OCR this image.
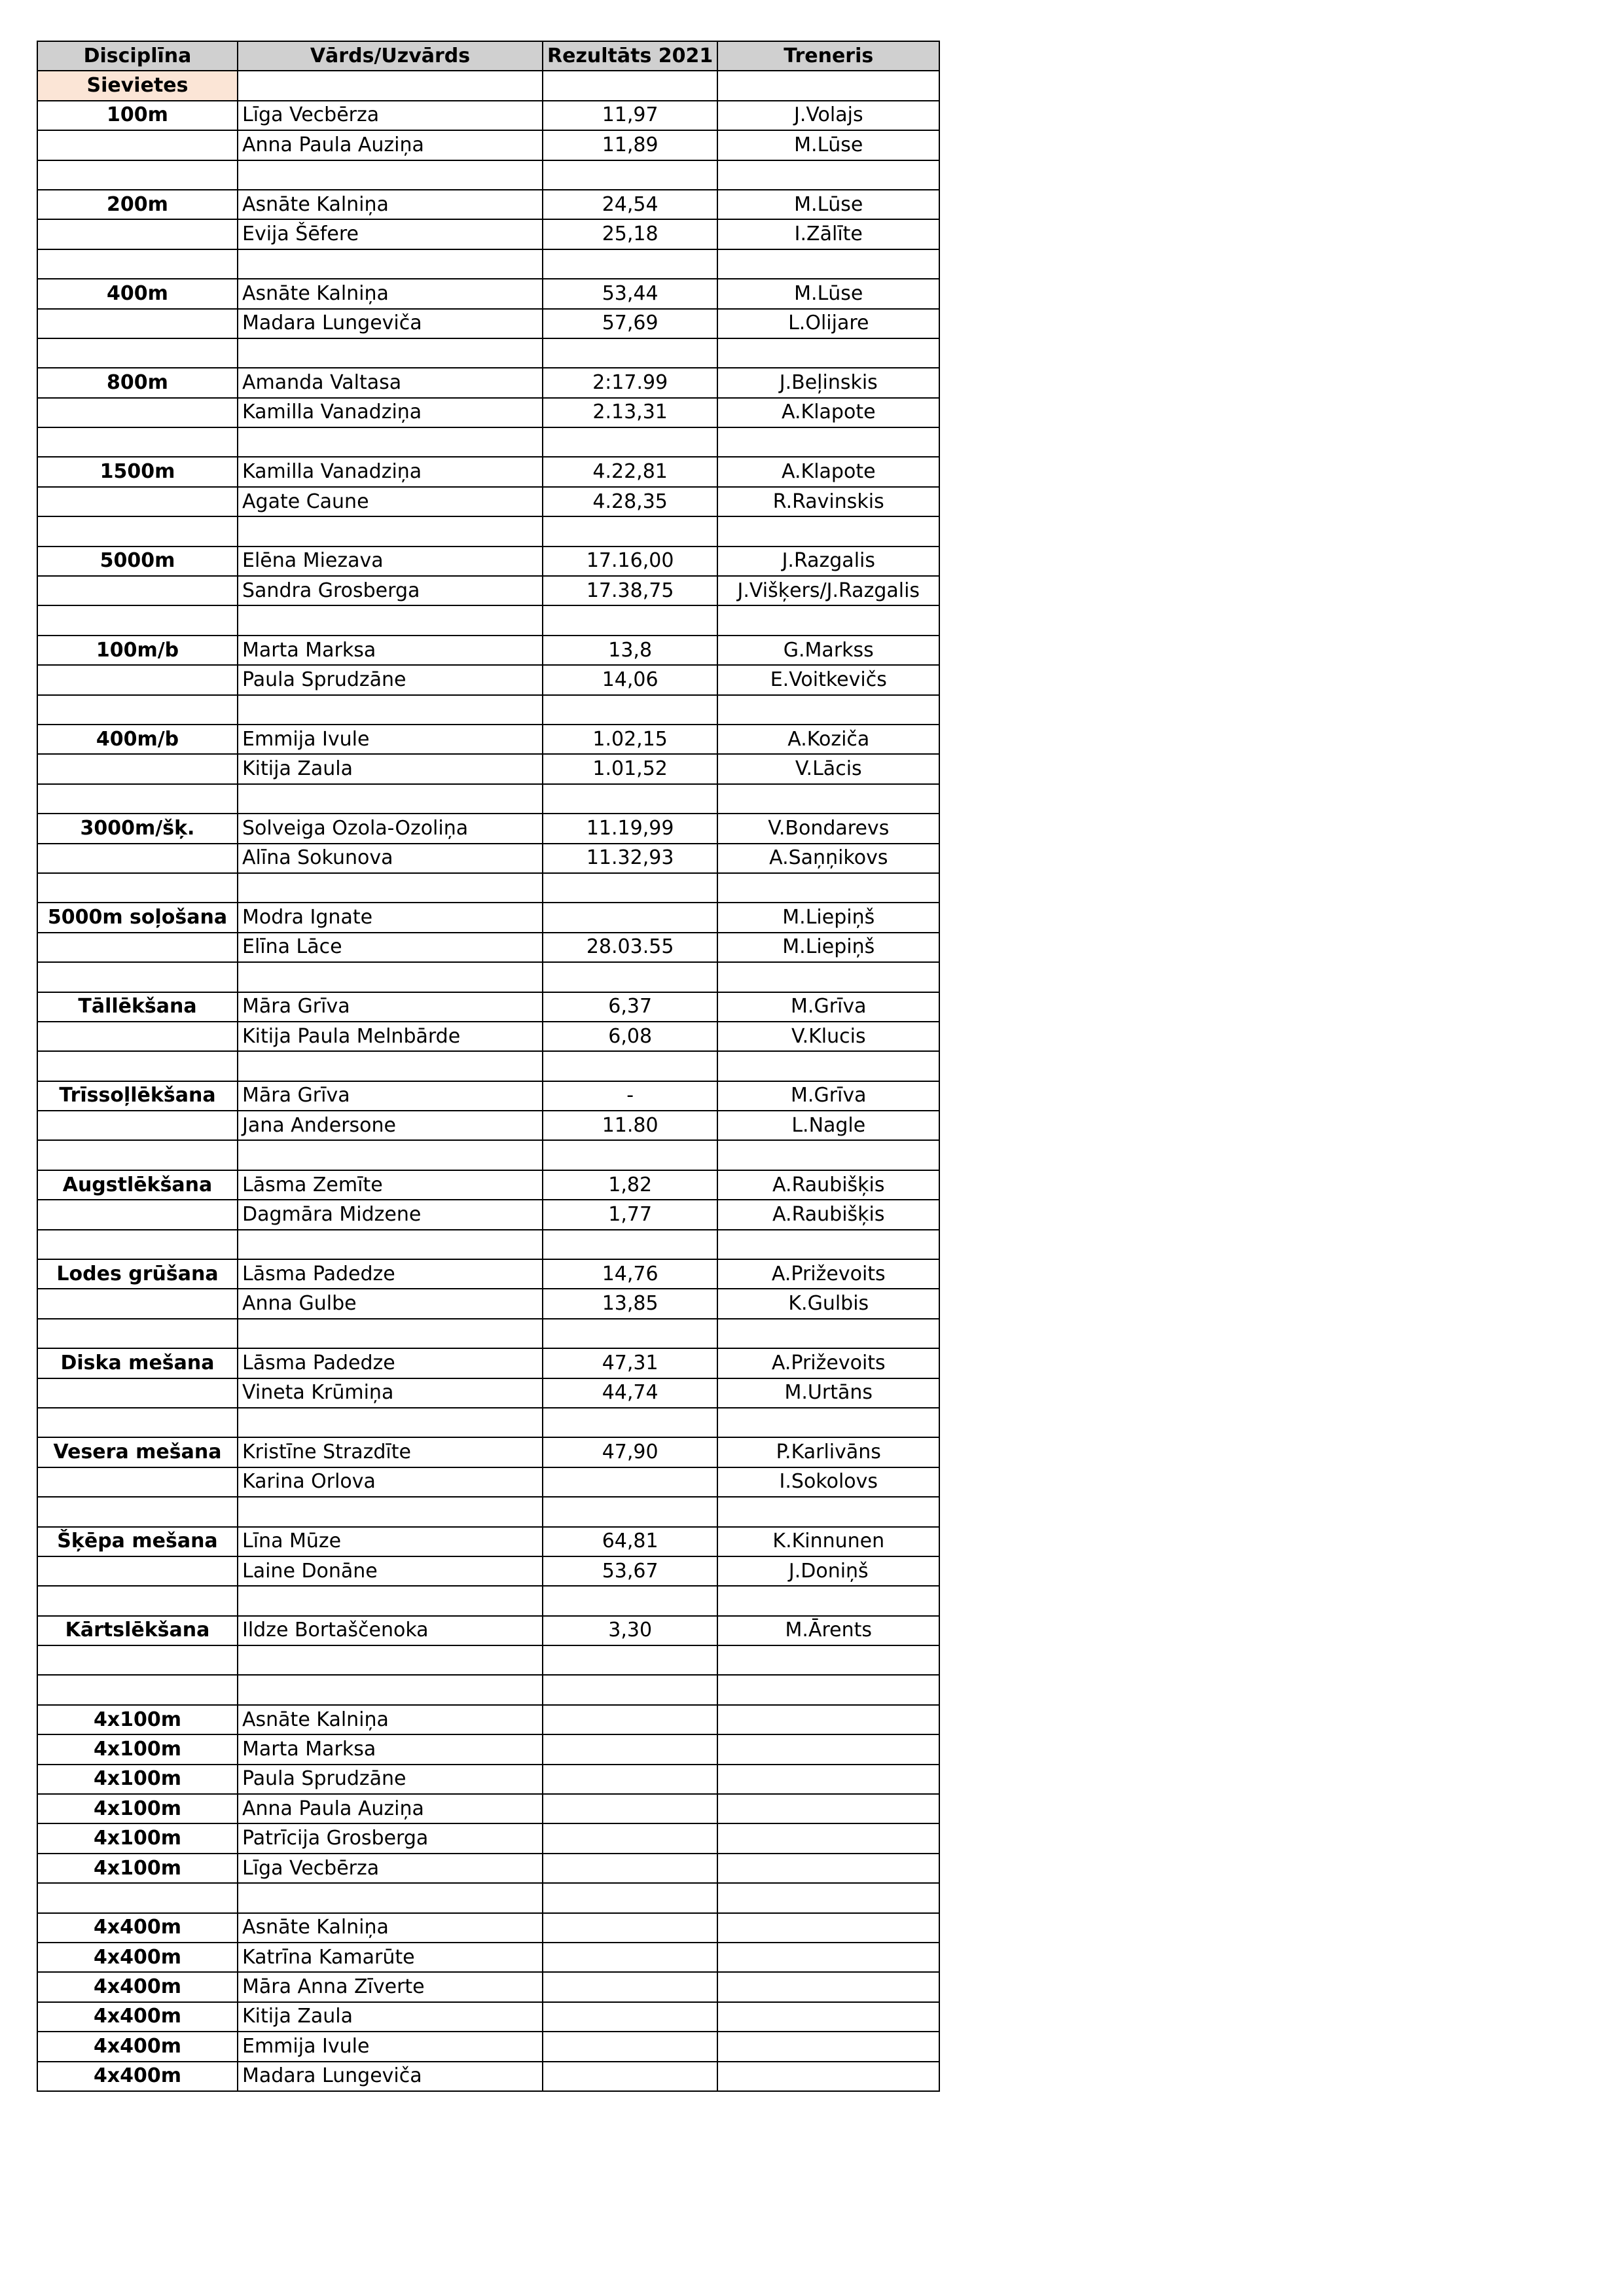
Disciplīna	Vārds/Uzvārds	Rezultāts 2021	Treneris
Sievietes			
100m	Līga Vecbērza	11,97	J.Volajs
	Anna Paula Auziņa	11,89	M.Lūse

200m	Asnāte Kalniņa	24,54	M.Lūse
	Evija Šēfere	25,18	I.Zālīte

400m	Asnāte Kalniņa	53,44	M.Lūse
	Madara Lungeviča	57,69	L.Olijare

800m	Amanda Valtasa	2:17.99	J.Beļinskis
	Kamilla Vanadziņa	2.13,31	A.Klapote

1500m	Kamilla Vanadziņa	4.22,81	A.Klapote
	Agate Caune	4.28,35	R.Ravinskis

5000m	Elēna Miezava	17.16,00	J.Razgalis
	Sandra Grosberga	17.38,75	J.Višķers/J.Razgalis

100m/b	Marta Marksa	13,8	G.Markss
	Paula Sprudzāne	14,06	E.Voitkevičs

400m/b	Emmija Ivule	1.02,15	A.Koziča
	Kitija Zaula	1.01,52	V.Lācis

3000m/šķ.	Solveiga Ozola-Ozoliņa	11.19,99	V.Bondarevs
	Alīna Sokunova	11.32,93	A.Saņņikovs

5000m soļošana	Modra Ignate		M.Liepiņš
	Elīna Lāce	28.03.55	M.Liepiņš

Tāllēkšana	Māra Grīva	6,37	M.Grīva
	Kitija Paula Melnbārde	6,08	V.Klucis

Trīssoļlēkšana	Māra Grīva	-	M.Grīva
	Jana Andersone	11.80	L.Nagle

Augstlēkšana	Lāsma Zemīte	1,82	A.Raubišķis
	Dagmāra Midzene	1,77	A.Raubišķis

Lodes grūšana	Lāsma Padedze	14,76	A.Priževoits
	Anna Gulbe	13,85	K.Gulbis

Diska mešana	Lāsma Padedze	47,31	A.Priževoits
	Vineta Krūmiņa	44,74	M.Urtāns

Vesera mešana	Kristīne Strazdīte	47,90	P.Karlivāns
	Karina Orlova		I.Sokolovs

Šķēpa mešana	Līna Mūze	64,81	K.Kinnunen
	Laine Donāne	53,67	J.Doniņš

Kārtslēkšana	Ildze Bortaščenoka	3,30	M.Ārents

4x100m	Asnāte Kalniņa		
4x100m	Marta Marksa		
4x100m	Paula Sprudzāne		
4x100m	Anna Paula Auziņa		
4x100m	Patrīcija Grosberga		
4x100m	Līga Vecbērza		

4x400m	Asnāte Kalniņa		
4x400m	Katrīna Kamarūte		
4x400m	Māra Anna Zīverte		
4x400m	Kitija Zaula		
4x400m	Emmija Ivule		
4x400m	Madara Lungeviča		
